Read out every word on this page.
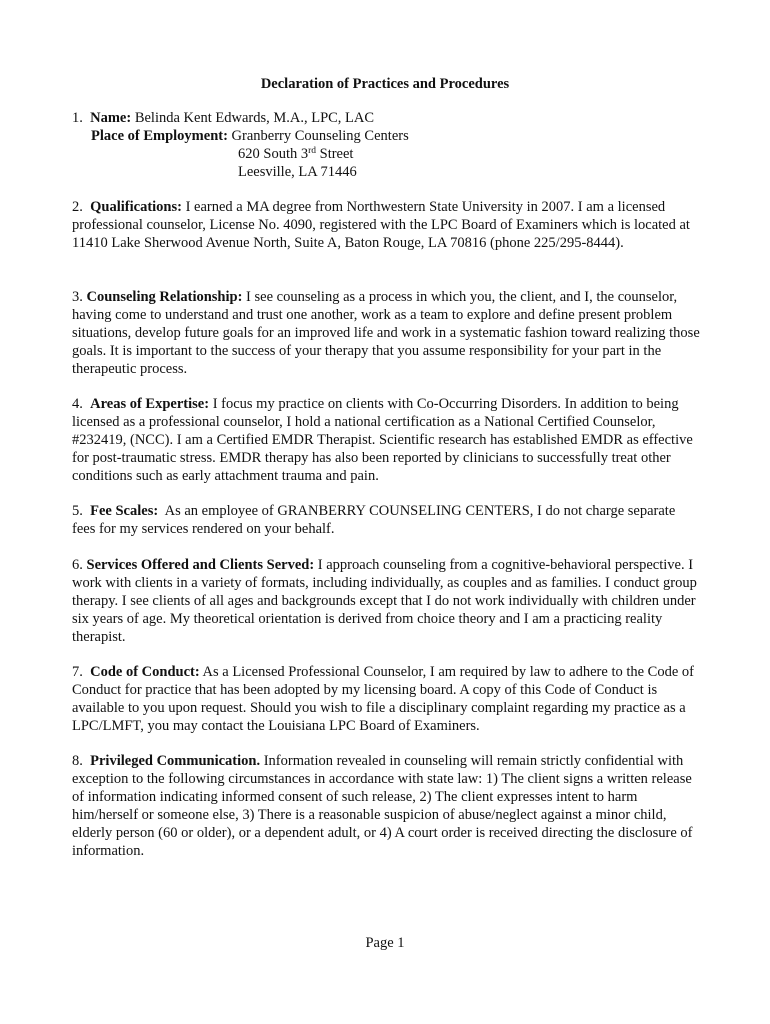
Declaration of Practices and Procedures
1. Name: Belinda Kent Edwards, M.A., LPC, LAC
Place of Employment: Granberry Counseling Centers
620 South 3rd Street
Leesville, LA 71446

2. Qualifications: I earned a MA degree from Northwestern State University in 2007. I am a licensed professional counselor, License No. 4090, registered with the LPC Board of Examiners which is located at 11410 Lake Sherwood Avenue North, Suite A, Baton Rouge, LA 70816 (phone 225/295-8444).

3. Counseling Relationship: I see counseling as a process in which you, the client, and I, the counselor, having come to understand and trust one another, work as a team to explore and define present problem situations, develop future goals for an improved life and work in a systematic fashion toward realizing those goals. It is important to the success of your therapy that you assume responsibility for your part in the therapeutic process.

4. Areas of Expertise: I focus my practice on clients with Co-Occurring Disorders. In addition to being licensed as a professional counselor, I hold a national certification as a National Certified Counselor, #232419, (NCC). I am a Certified EMDR Therapist. Scientific research has established EMDR as effective for post-traumatic stress. EMDR therapy has also been reported by clinicians to successfully treat other conditions such as early attachment trauma and pain.

5. Fee Scales: As an employee of GRANBERRY COUNSELING CENTERS, I do not charge separate fees for my services rendered on your behalf.

6. Services Offered and Clients Served: I approach counseling from a cognitive-behavioral perspective. I work with clients in a variety of formats, including individually, as couples and as families. I conduct group therapy. I see clients of all ages and backgrounds except that I do not work individually with children under six years of age. My theoretical orientation is derived from choice theory and I am a practicing reality therapist.

7. Code of Conduct: As a Licensed Professional Counselor, I am required by law to adhere to the Code of Conduct for practice that has been adopted by my licensing board. A copy of this Code of Conduct is available to you upon request. Should you wish to file a disciplinary complaint regarding my practice as a LPC/LMFT, you may contact the Louisiana LPC Board of Examiners.

8. Privileged Communication. Information revealed in counseling will remain strictly confidential with exception to the following circumstances in accordance with state law: 1) The client signs a written release of information indicating informed consent of such release, 2) The client expresses intent to harm him/herself or someone else, 3) There is a reasonable suspicion of abuse/neglect against a minor child, elderly person (60 or older), or a dependent adult, or 4) A court order is received directing the disclosure of information.

Page 1
